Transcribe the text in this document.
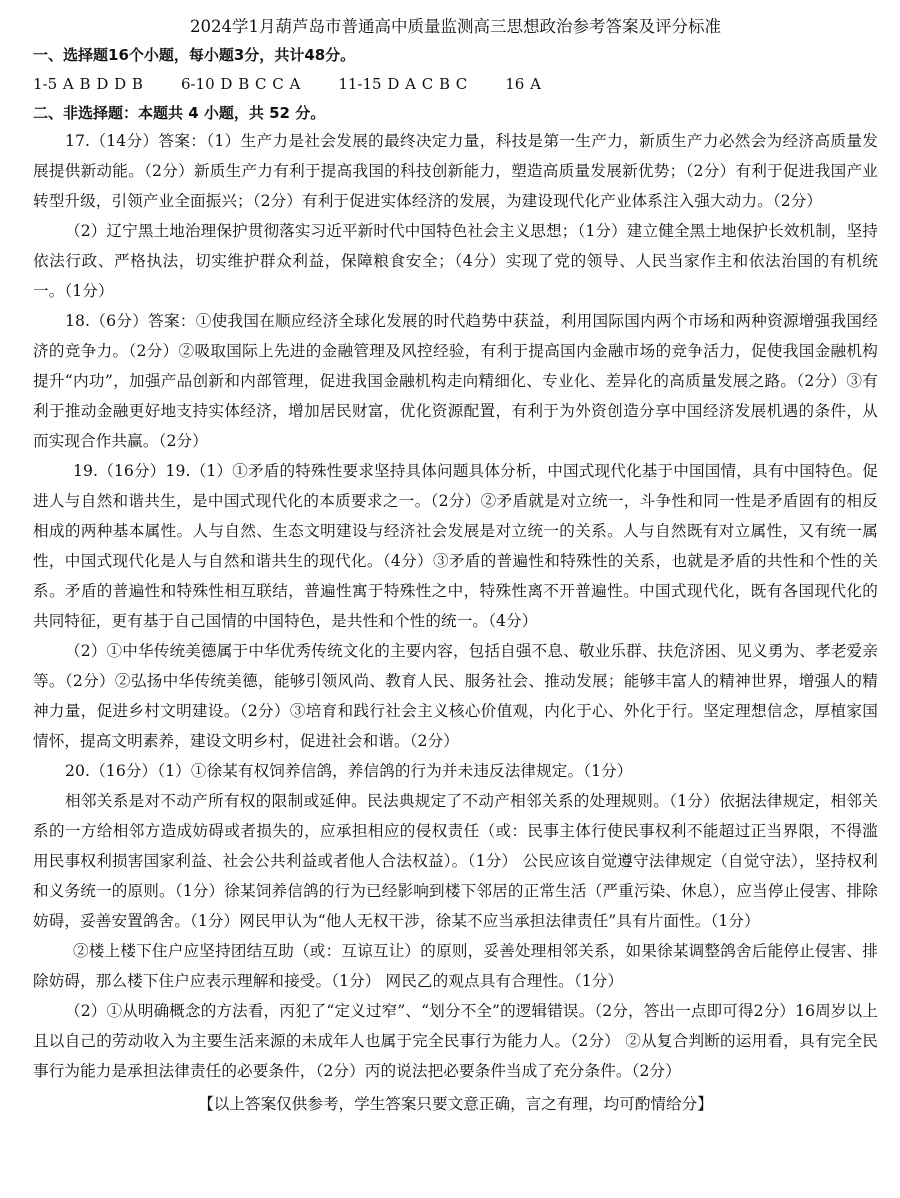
2024学1月葫芦岛市普通高中质量监测高三思想政治参考答案及评分标准
一、选择题16个小题，每小题3分，共计48分。
1-5 A B D D B	6-10 D B C C A	11-15 D A C B C	16 A
二、非选择题：本题共 4 小题，共 52 分。

17.（14分）答案：（1）生产力是社会发展的最终决定力量，科技是第一生产力，新质生产力必然会为经济高质量发展提供新动能。（2分）新质生产力有利于提高我国的科技创新能力，塑造高质量发展新优势；（2分）有利于促进我国产业转型升级，引领产业全面振兴；（2分）有利于促进实体经济的发展，为建设现代化产业体系注入强大动力。（2分）

（2）辽宁黑土地治理保护贯彻落实习近平新时代中国特色社会主义思想；（1分）建立健全黑土地保护长效机制，坚持依法行政、严格执法，切实维护群众利益，保障粮食安全；（4分）实现了党的领导、人民当家作主和依法治国的有机统一。（1分）

18.（6分）答案：①使我国在顺应经济全球化发展的时代趋势中获益，利用国际国内两个市场和两种资源增强我国经济的竞争力。（2分）②吸取国际上先进的金融管理及风控经验，有利于提高国内金融市场的竞争活力，促使我国金融机构提升“内功”，加强产品创新和内部管理，促进我国金融机构走向精细化、专业化、差异化的高质量发展之路。（2分）③有利于推动金融更好地支持实体经济，增加居民财富，优化资源配置，有利于为外资创造分享中国经济发展机遇的条件，从而实现合作共赢。（2分）

19.（16分）19.（1）①矛盾的特殊性要求坚持具体问题具体分析，中国式现代化基于中国国情，具有中国特色。促进人与自然和谐共生，是中国式现代化的本质要求之一。（2分）②矛盾就是对立统一，斗争性和同一性是矛盾固有的相反相成的两种基本属性。人与自然、生态文明建设与经济社会发展是对立统一的关系。人与自然既有对立属性，又有统一属性，中国式现代化是人与自然和谐共生的现代化。（4分）③矛盾的普遍性和特殊性的关系，也就是矛盾的共性和个性的关系。矛盾的普遍性和特殊性相互联结，普遍性寓于特殊性之中，特殊性离不开普遍性。中国式现代化，既有各国现代化的共同特征，更有基于自己国情的中国特色，是共性和个性的统一。（4分）

（2）①中华传统美德属于中华优秀传统文化的主要内容，包括自强不息、敬业乐群、扶危济困、见义勇为、孝老爱亲等。（2分）②弘扬中华传统美德，能够引领风尚、教育人民、服务社会、推动发展；能够丰富人的精神世界，增强人的精神力量，促进乡村文明建设。（2分）③培育和践行社会主义核心价值观，内化于心、外化于行。坚定理想信念，厚植家国情怀，提高文明素养，建设文明乡村，促进社会和谐。（2分）

20.（16分）（1）①徐某有权饲养信鸽，养信鸽的行为并未违反法律规定。（1分）

相邻关系是对不动产所有权的限制或延伸。民法典规定了不动产相邻关系的处理规则。（1分）依据法律规定，相邻关系的一方给相邻方造成妨碍或者损失的，应承担相应的侵权责任（或：民事主体行使民事权利不能超过正当界限，不得滥用民事权利损害国家利益、社会公共利益或者他人合法权益）。（1分） 公民应该自觉遵守法律规定（自觉守法），坚持权利和义务统一的原则。（1分）徐某饲养信鸽的行为已经影响到楼下邻居的正常生活（严重污染、休息），应当停止侵害、排除妨碍，妥善安置鸽舍。（1分）网民甲认为“他人无权干涉，徐某不应当承担法律责任”具有片面性。（1分）

②楼上楼下住户应坚持团结互助（或：互谅互让）的原则，妥善处理相邻关系，如果徐某调整鸽舍后能停止侵害、排除妨碍，那么楼下住户应表示理解和接受。（1分） 网民乙的观点具有合理性。（1分）

（2）①从明确概念的方法看，丙犯了“定义过窄”、“划分不全”的逻辑错误。（2分，答出一点即可得2分）16周岁以上且以自己的劳动收入为主要生活来源的未成年人也属于完全民事行为能力人。（2分） ②从复合判断的运用看，具有完全民事行为能力是承担法律责任的必要条件，（2分）丙的说法把必要条件当成了充分条件。（2分）

【以上答案仅供参考，学生答案只要文意正确，言之有理，均可酌情给分】
